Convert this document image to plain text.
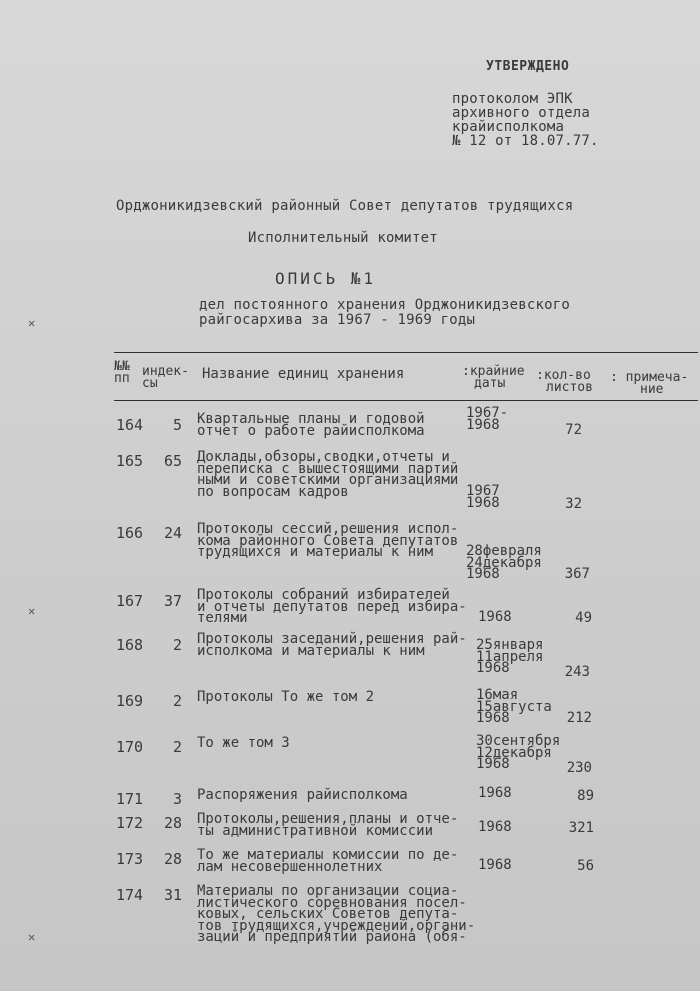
УТВЕРЖДЕНО
протоколом ЭПК
архивного отдела
крайисполкома
№ 12 от 18.07.77.
Орджоникидзевский районный Совет депутатов трудящихся
Исполнительный комитет
ОПИСЬ №1
дел постоянного хранения Орджоникидзевского
райгосархива за 1967 - 1969 годы
№№
пп индек-
сы
Название единиц хранения	:крайние
даты
:кол-во
листов
: примеча-
ние
164	5 Квартальные планы и годовой
отчет о работе райисполкома
1967-
1968	72
165 65 Доклады,обзоры,сводки,отчеты и
переписка с вышестоящими партий
ными и советскими организациями
по вопросам кадров	1967
1968	32
166 24 Протоколы сессий,решения испол-
кома районного Совета депутатов
трудящихся и материалы к ним	28февраля
24декабря
1968	367
167 37 Протоколы собраний избирателей
и отчеты депутатов перед избира-
телями	1968	49
168	2 Протоколы заседаний,решения рай-
исполкома и материалы к ним	25января
11апреля
1968	243
169	2 Протоколы То же том 2	16мая
15августа
1968	212
170	2 То же том 3	30сентября
12декабря
1968	230
171	3 Распоряжения райисполкома	1968	89
172 28 Протоколы,решения,планы и отче-
ты административной комиссии	1968	321
173 28 То же материалы комиссии по де-
лам несовершеннолетних	1968	56
174 31 Материалы по организации социа-
листического соревнования посел-
ковых, сельских Советов депута-
тов трудящихся,учреждений,органи-
заций и предприятий района (обя-
✕
✕
✕
